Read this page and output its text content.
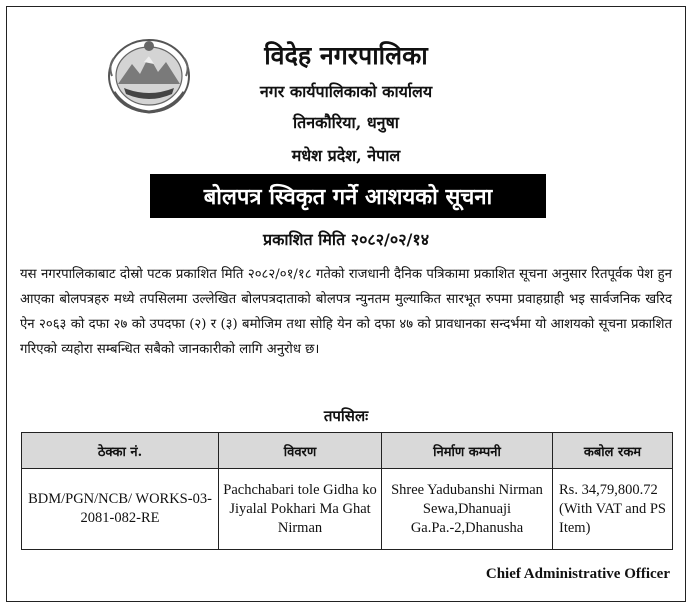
विदेह नगरपालिका
नगर कार्यपालिकाको कार्यालय
तिनकौरिया, धनुषा
मधेश प्रदेश, नेपाल
बोलपत्र स्विकृत गर्ने आशयको सूचना
प्रकाशित मिति २०८२/०२/१४

यस नगरपालिकाबाट दोस्रो पटक प्रकाशित मिति २०८२/०१/१८ गतेको राजधानी दैनिक पत्रिकामा प्रकाशित सूचना अनुसार रितपूर्वक पेश हुन आएका बोलपत्रहरु मध्ये तपसिलमा उल्लेखित बोलपत्रदाताको बोलपत्र न्युनतम मुल्याकित सारभूत रुपमा प्रवाहग्राही भइ सार्वजनिक खरिद ऐन २०६३ को दफा २७ को उपदफा (२) र (३) बमोजिम तथा सोहि येन को दफा ४७ को प्रावधानका सन्दर्भमा यो आशयको सूचना प्रकाशित गरिएको व्यहोरा सम्बन्धित सबैको जानकारीको लागि अनुरोध छ।

तपसिलः
ठेक्का नं.	विवरण	निर्माण कम्पनी	कबोल रकम
BDM/PGN/NCB/ WORKS-03-2081-082-RE	Pachchabari tole Gidha ko Jiyalal Pokhari Ma Ghat Nirman	Shree Yadubanshi Nirman Sewa,Dhanuaji Ga.Pa.-2,Dhanusha	Rs. 34,79,800.72 (With VAT and PS Item)
Chief Administrative Officer
